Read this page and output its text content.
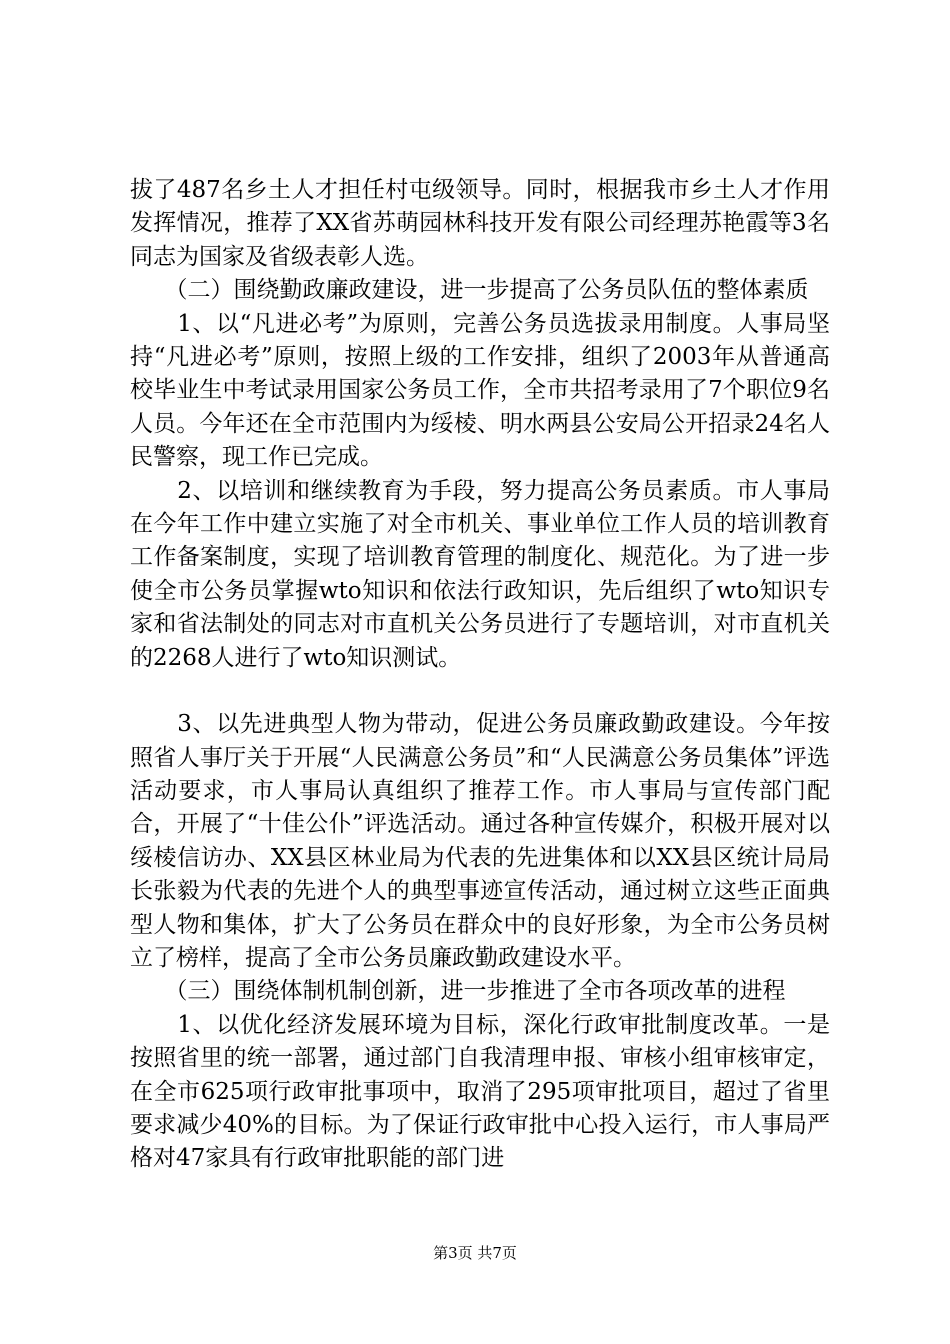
拔了487名乡土人才担任村屯级领导。同时，根据我市乡土人才作用发挥情况，推荐了XX省苏萌园林科技开发有限公司经理苏艳霞等3名同志为国家及省级表彰人选。

　　（二）围绕勤政廉政建设，进一步提高了公务员队伍的整体素质

　　1、以“凡进必考”为原则，完善公务员选拔录用制度。人事局坚持“凡进必考”原则，按照上级的工作安排，组织了2003年从普通高校毕业生中考试录用国家公务员工作，全市共招考录用了7个职位9名人员。今年还在全市范围内为绥棱、明水两县公安局公开招录24名人民警察，现工作已完成。

　　2、以培训和继续教育为手段，努力提高公务员素质。市人事局在今年工作中建立实施了对全市机关、事业单位工作人员的培训教育工作备案制度，实现了培训教育管理的制度化、规范化。为了进一步使全市公务员掌握wto知识和依法行政知识，先后组织了wto知识专家和省法制处的同志对市直机关公务员进行了专题培训，对市直机关的2268人进行了wto知识测试。

　　3、以先进典型人物为带动，促进公务员廉政勤政建设。今年按照省人事厅关于开展“人民满意公务员”和“人民满意公务员集体”评选活动要求，市人事局认真组织了推荐工作。市人事局与宣传部门配合，开展了“十佳公仆”评选活动。通过各种宣传媒介，积极开展对以绥棱信访办、XX县区林业局为代表的先进集体和以XX县区统计局局长张毅为代表的先进个人的典型事迹宣传活动，通过树立这些正面典型人物和集体，扩大了公务员在群众中的良好形象，为全市公务员树立了榜样，提高了全市公务员廉政勤政建设水平。

　　（三）围绕体制机制创新，进一步推进了全市各项改革的进程

　　1、以优化经济发展环境为目标，深化行政审批制度改革。一是按照省里的统一部署，通过部门自我清理申报、审核小组审核审定，在全市625项行政审批事项中，取消了295项审批项目，超过了省里要求减少40%的目标。为了保证行政审批中心投入运行，市人事局严格对47家具有行政审批职能的部门进

第3页 共7页
